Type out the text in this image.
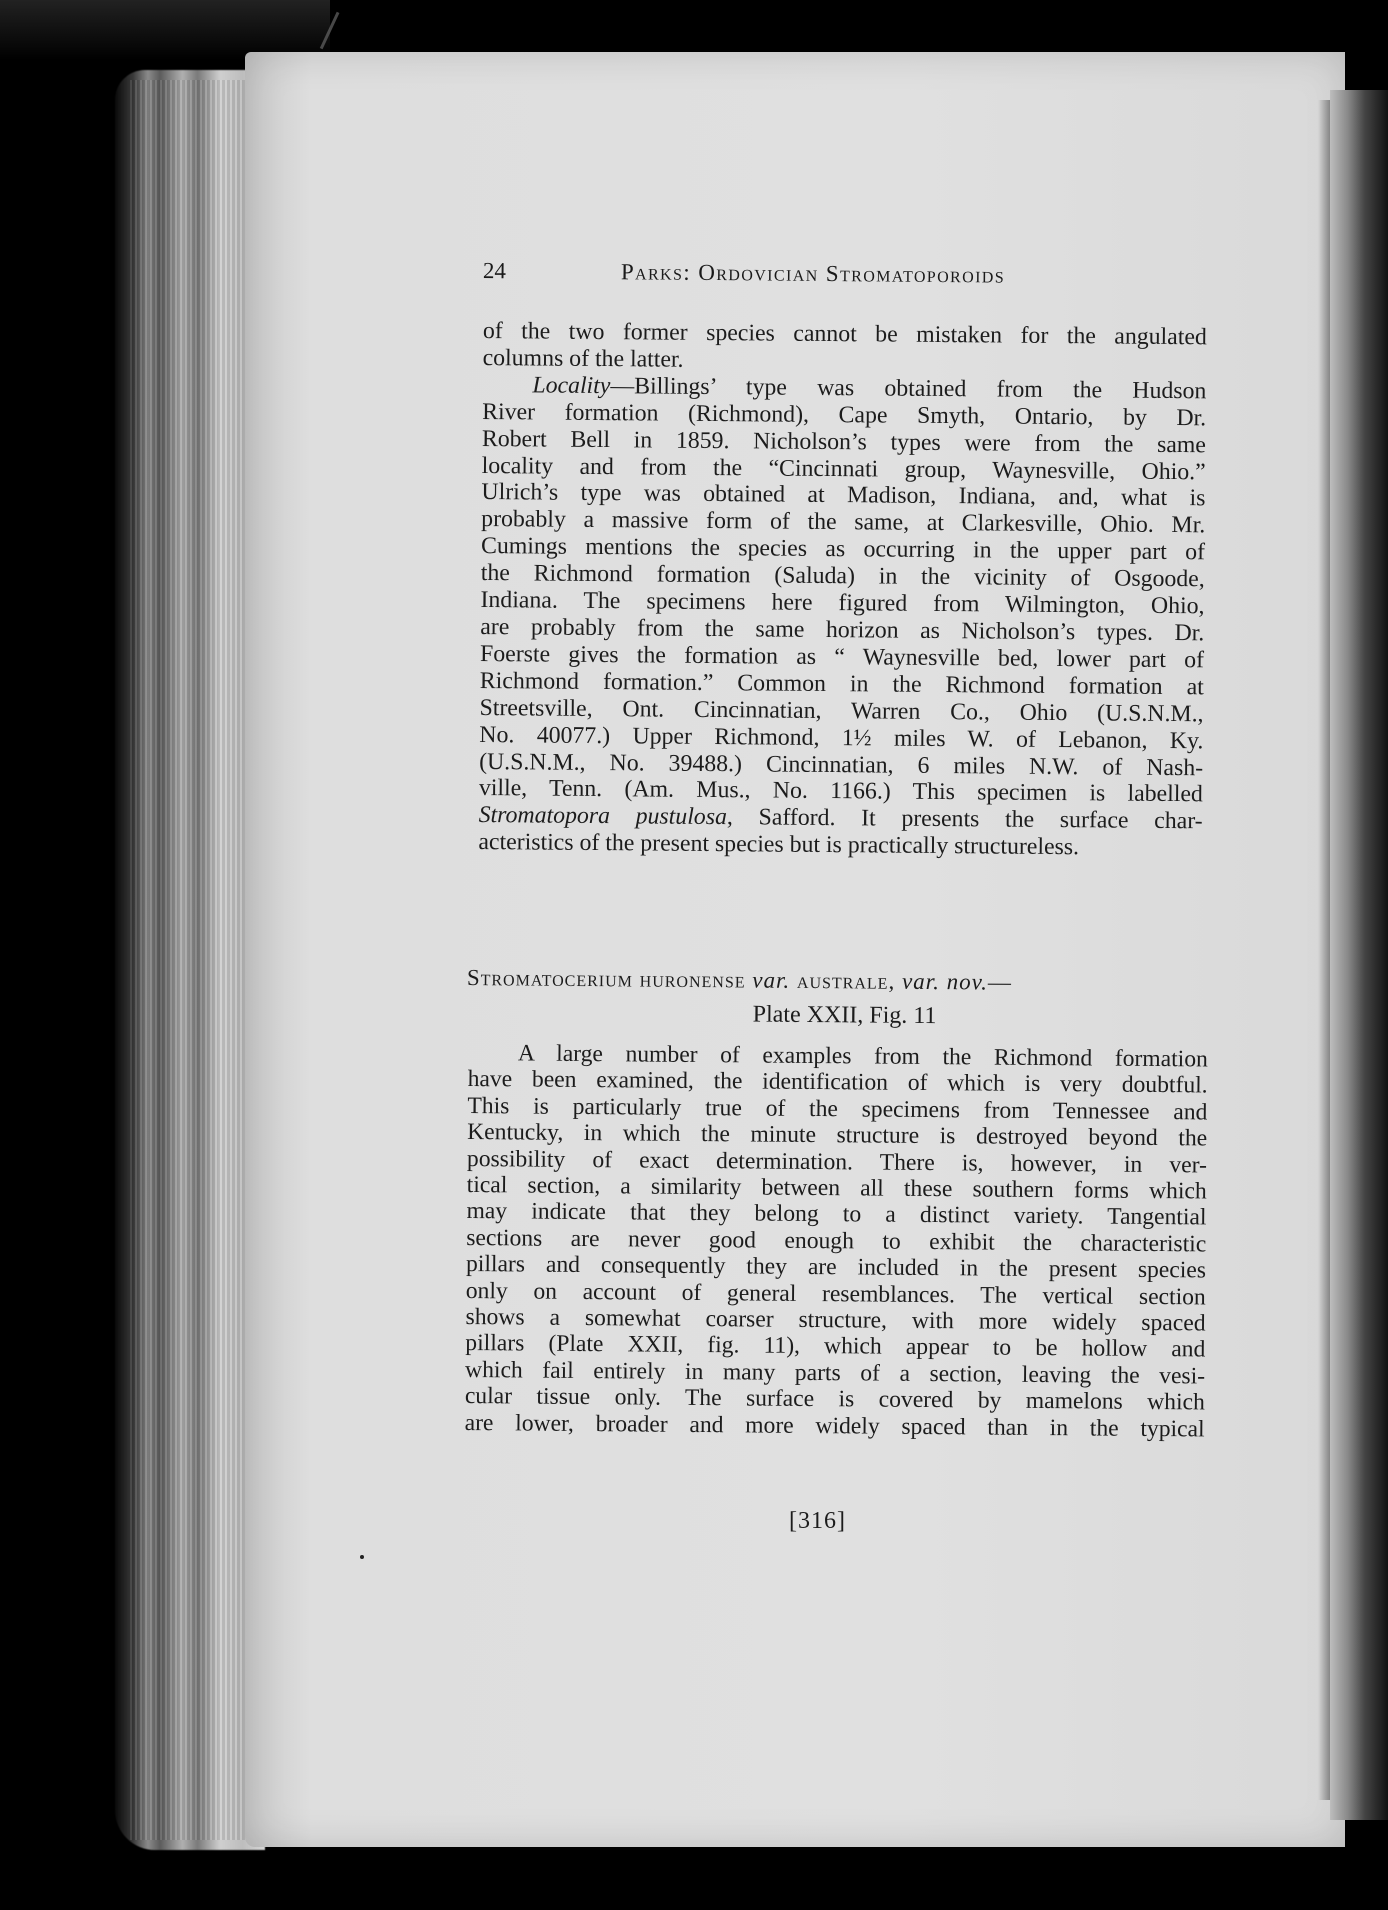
24	Parks: Ordovician Stromatoporoids
of the two former species cannot be mistaken for the angulated
columns of the latter.
Locality—Billings’ type was obtained from the Hudson
River formation (Richmond), Cape Smyth, Ontario, by Dr.
Robert Bell in 1859. Nicholson’s types were from the same
locality and from the “Cincinnati group, Waynesville, Ohio.”
Ulrich’s type was obtained at Madison, Indiana, and, what is
probably a massive form of the same, at Clarkesville, Ohio. Mr.
Cumings mentions the species as occurring in the upper part of
the Richmond formation (Saluda) in the vicinity of Osgoode,
Indiana. The specimens here figured from Wilmington, Ohio,
are probably from the same horizon as Nicholson’s types. Dr.
Foerste gives the formation as “ Waynesville bed, lower part of
Richmond formation.” Common in the Richmond formation at
Streetsville, Ont. Cincinnatian, Warren Co., Ohio (U.S.N.M.,
No. 40077.) Upper Richmond, 1½ miles W. of Lebanon, Ky.
(U.S.N.M., No. 39488.) Cincinnatian, 6 miles N.W. of Nash-
ville, Tenn. (Am. Mus., No. 1166.) This specimen is labelled
Stromatopora pustulosa, Safford. It presents the surface char-
acteristics of the present species but is practically structureless.
Stromatocerium huronense var. australe, var. nov.—
Plate XXII, Fig. 11
A large number of examples from the Richmond formation
have been examined, the identification of which is very doubtful.
This is particularly true of the specimens from Tennessee and
Kentucky, in which the minute structure is destroyed beyond the
possibility of exact determination. There is, however, in ver-
tical section, a similarity between all these southern forms which
may indicate that they belong to a distinct variety. Tangential
sections are never good enough to exhibit the characteristic
pillars and consequently they are included in the present species
only on account of general resemblances. The vertical section
shows a somewhat coarser structure, with more widely spaced
pillars (Plate XXII, fig. 11), which appear to be hollow and
which fail entirely in many parts of a section, leaving the vesi-
cular tissue only. The surface is covered by mamelons which
are lower, broader and more widely spaced than in the typical
[316]
